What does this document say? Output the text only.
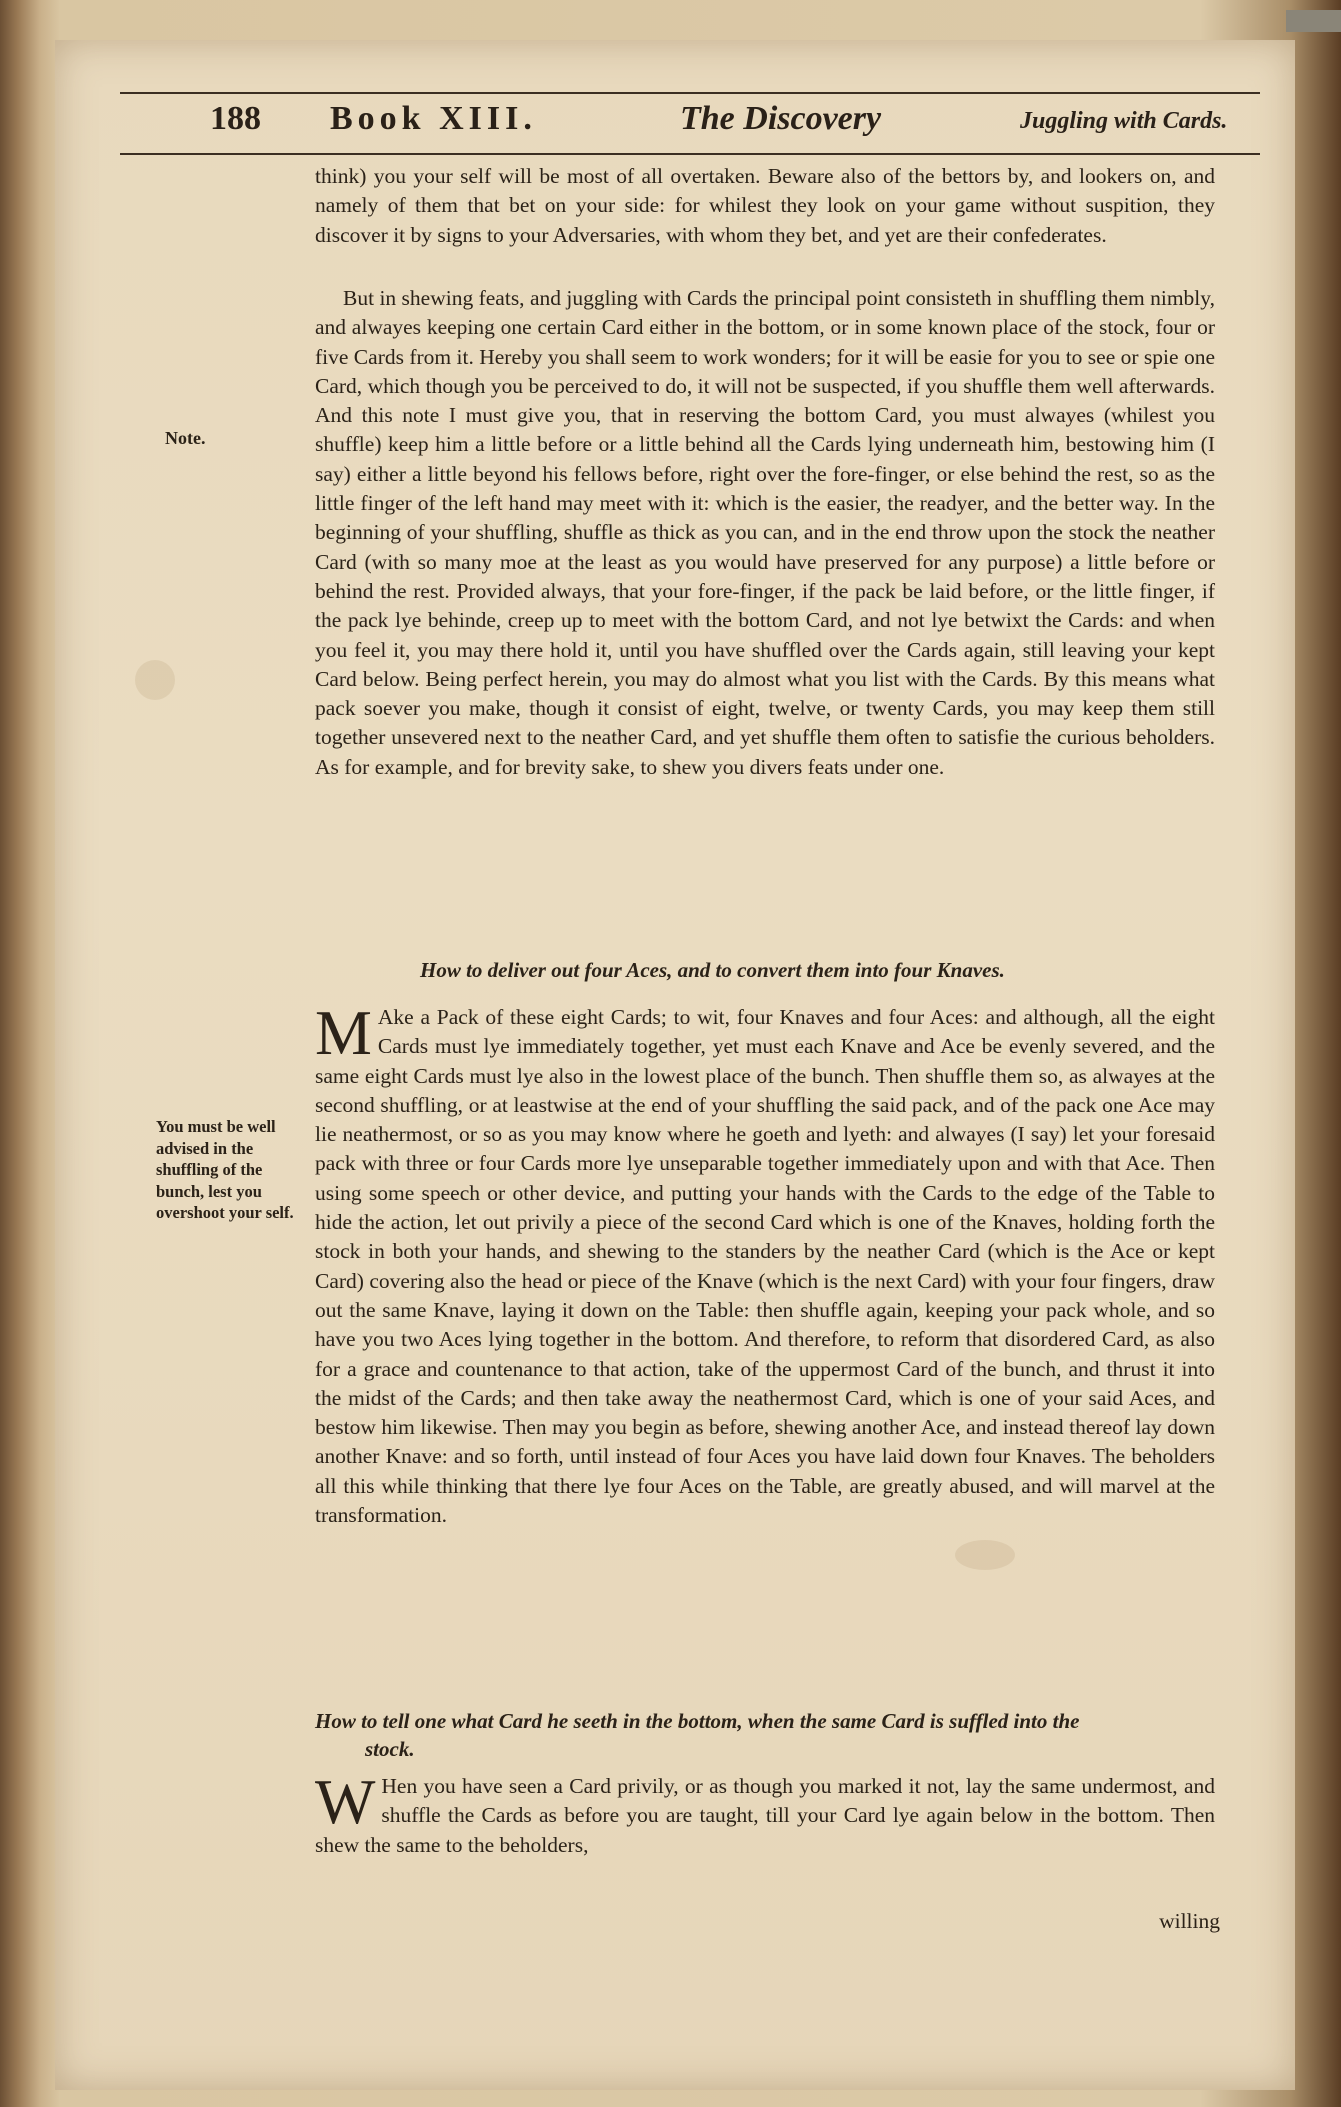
188 Book XIII.	The Discovery	Juggling with Cards.
think) you your self will be most of all overtaken. Beware also of the bettors by, and lookers on, and namely of them that bet on your side: for whilest they look on your game without suspition, they discover it by signs to your Adversaries, with whom they bet, and yet are their confederates.
But in shewing feats, and juggling with Cards the principal point consisteth in shuffling them nimbly, and alwayes keeping one certain Card either in the bottom, or in some known place of the stock, four or five Cards from it. Hereby you shall seem to work wonders; for it will be easie for you to see or spie one Card, which though you be perceived to do, it will not be suspected, if you shuffle them well afterwards. And this note I must give you, that in reserving the bottom Card, you must alwayes (whilest you shuffle) keep him a little before or a little behind all the Cards lying underneath him, bestowing him (I say) either a little beyond his fellows before, right over the fore-finger, or else behind the rest, so as the little finger of the left hand may meet with it: which is the easier, the readyer, and the better way. In the beginning of your shuffling, shuffle as thick as you can, and in the end throw upon the stock the neather Card (with so many moe at the least as you would have preserved for any purpose) a little before or behind the rest. Provided always, that your fore-finger, if the pack be laid before, or the little finger, if the pack lye behinde, creep up to meet with the bottom Card, and not lye betwixt the Cards: and when you feel it, you may there hold it, until you have shuffled over the Cards again, still leaving your kept Card below. Being perfect herein, you may do almost what you list with the Cards. By this means what pack soever you make, though it consist of eight, twelve, or twenty Cards, you may keep them still together unsevered next to the neather Card, and yet shuffle them often to satisfie the curious beholders. As for example, and for brevity sake, to shew you divers feats under one.
Note.
How to deliver out four Aces, and to convert them into four Knaves.
M Ake a Pack of these eight Cards; to wit, four Knaves and four Aces: and although, all the eight Cards must lye immediately together, yet must each Knave and Ace be evenly severed, and the same eight Cards must lye also in the lowest place of the bunch. Then shuffle them so, as alwayes at the second shuffling, or at leastwise at the end of your shuffling the said pack, and of the pack one Ace may lie neathermost, or so as you may know where he goeth and lyeth: and alwayes (I say) let your foresaid pack with three or four Cards more lye unseparable together immediately upon and with that Ace. Then using some speech or other device, and putting your hands with the Cards to the edge of the Table to hide the action, let out privily a piece of the second Card which is one of the Knaves, holding forth the stock in both your hands, and shewing to the standers by the neather Card (which is the Ace or kept Card) covering also the head or piece of the Knave (which is the next Card) with your four fingers, draw out the same Knave, laying it down on the Table: then shuffle again, keeping your pack whole, and so have you two Aces lying together in the bottom. And therefore, to reform that disordered Card, as also for a grace and countenance to that action, take of the uppermost Card of the bunch, and thrust it into the midst of the Cards; and then take away the neathermost Card, which is one of your said Aces, and bestow him likewise. Then may you begin as before, shewing another Ace, and instead thereof lay down another Knave: and so forth, until instead of four Aces you have laid down four Knaves. The beholders all this while thinking that there lye four Aces on the Table, are greatly abused, and will marvel at the transformation.
You must be well advised in the shuffling of the bunch, lest you overshoot your self.
How to tell one what Card he seeth in the bottom, when the same Card is suffled into the
stock.
W Hen you have seen a Card privily, or as though you marked it not, lay the same undermost, and shuffle the Cards as before you are taught, till your Card lye again below in the bottom. Then shew the same to the beholders,
willing
